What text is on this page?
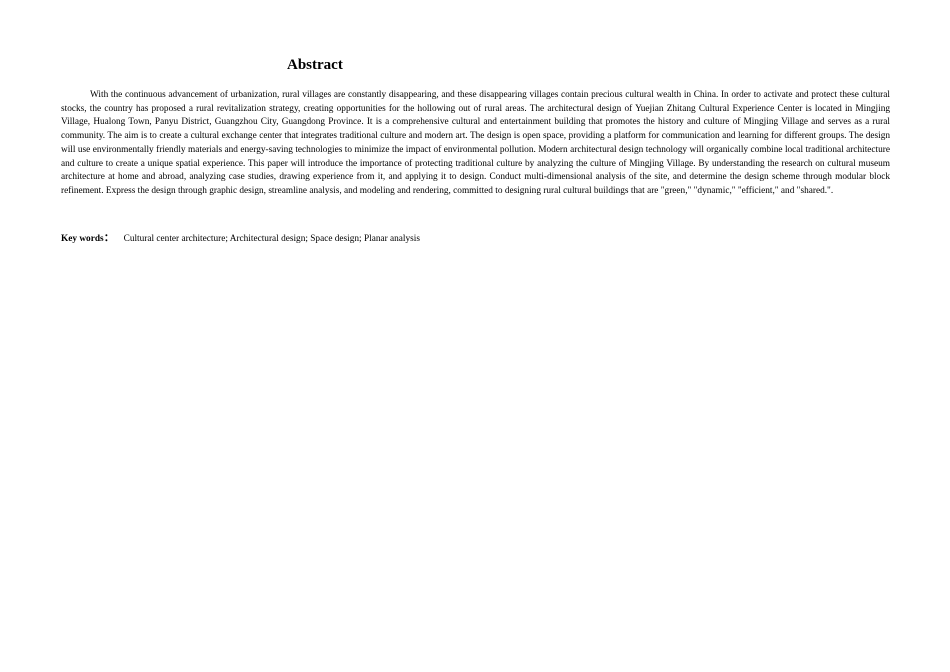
Abstract

With the continuous advancement of urbanization, rural villages are constantly disappearing, and these disappearing villages contain precious cultural wealth in China. In order to activate and protect these cultural stocks, the country has proposed a rural revitalization strategy, creating opportunities for the hollowing out of rural areas. The architectural design of Yuejian Zhitang Cultural Experience Center is located in Mingjing Village, Hualong Town, Panyu District, Guangzhou City, Guangdong Province. It is a comprehensive cultural and entertainment building that promotes the history and culture of Mingjing Village and serves as a rural community. The aim is to create a cultural exchange center that integrates traditional culture and modern art. The design is open space, providing a platform for communication and learning for different groups. The design will use environmentally friendly materials and energy-saving technologies to minimize the impact of environmental pollution. Modern architectural design technology will organically combine local traditional architecture and culture to create a unique spatial experience. This paper will introduce the importance of protecting traditional culture by analyzing the culture of Mingjing Village. By understanding the research on cultural museum architecture at home and abroad, analyzing case studies, drawing experience from it, and applying it to design. Conduct multi-dimensional analysis of the site, and determine the design scheme through modular block refinement. Express the design through graphic design, streamline analysis, and modeling and rendering, committed to designing rural cultural buildings that are "green," "dynamic," "efficient," and "shared.".

Key words： Cultural center architecture; Architectural design; Space design; Planar analysis
